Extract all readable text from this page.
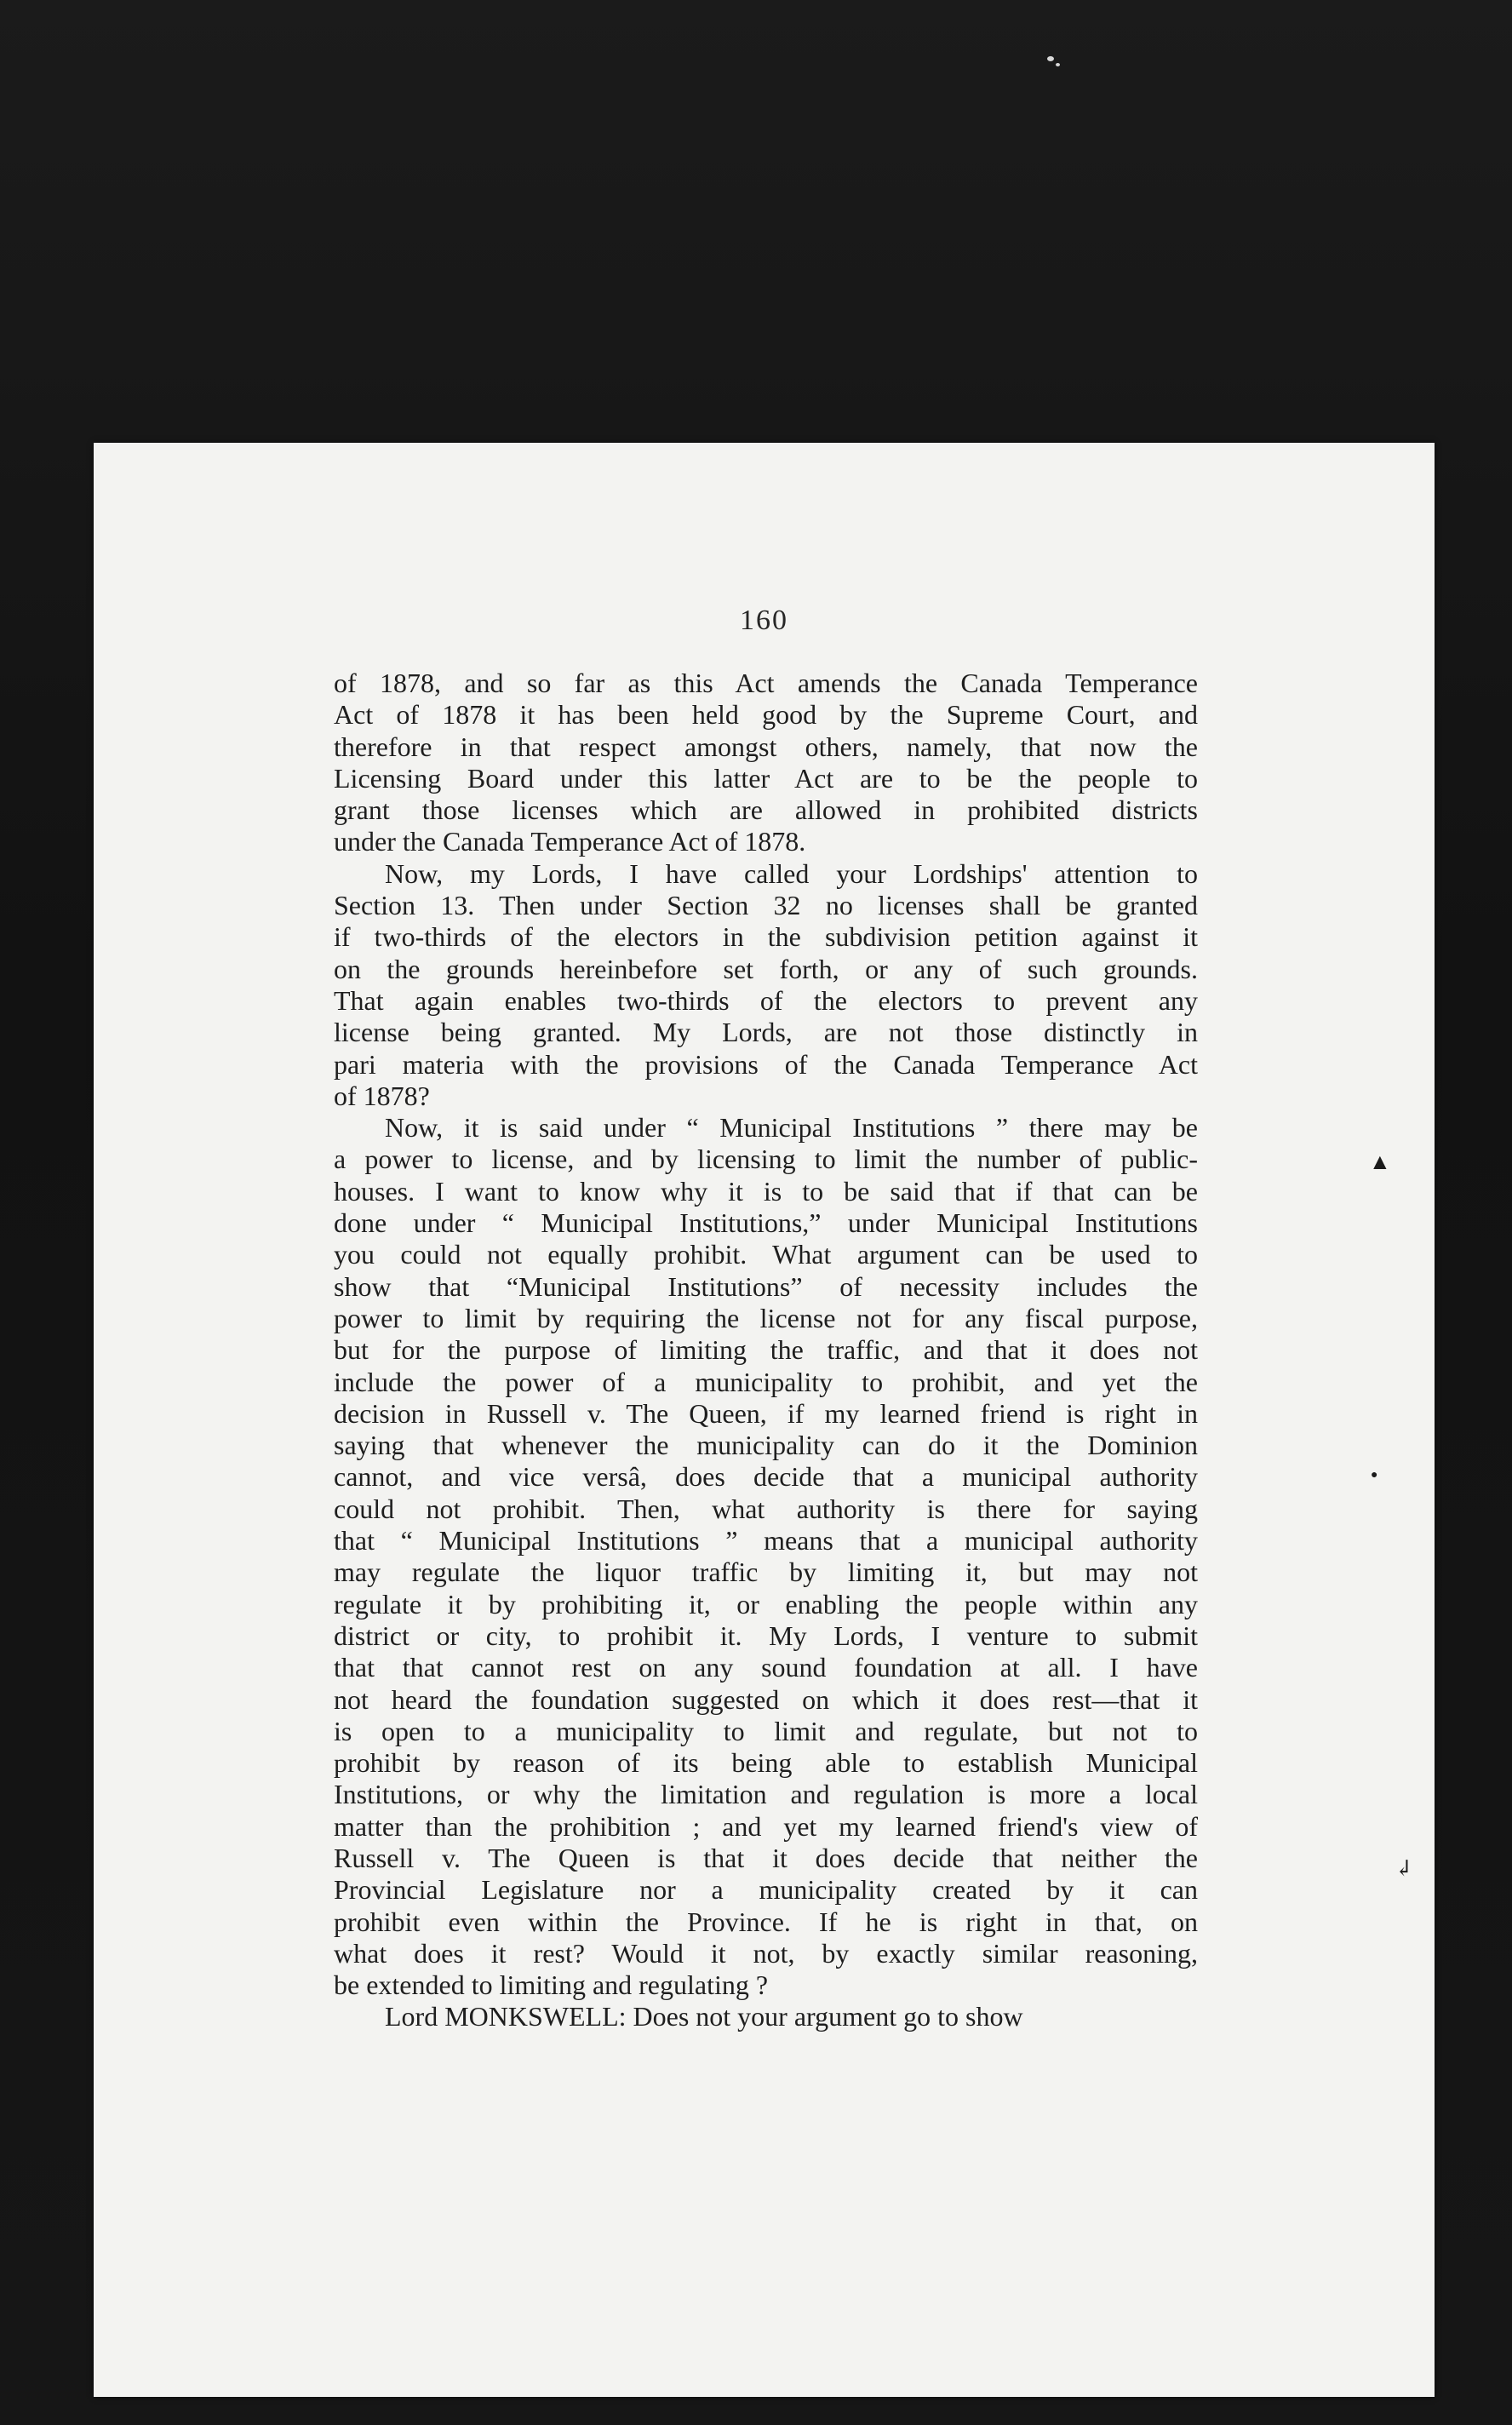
160
of 1878, and so far as this Act amends the Canada Temperance
Act of 1878 it has been held good by the Supreme Court, and
therefore in that respect amongst others, namely, that now the
Licensing Board under this latter Act are to be the people to
grant those licenses which are allowed in prohibited districts
under the Canada Temperance Act of 1878.
Now, my Lords, I have called your Lordships' attention to
Section 13. Then under Section 32 no licenses shall be granted
if two-thirds of the electors in the subdivision petition against it
on the grounds hereinbefore set forth, or any of such grounds.
That again enables two-thirds of the electors to prevent any
license being granted. My Lords, are not those distinctly in
pari materia with the provisions of the Canada Temperance Act
of 1878?
Now, it is said under “ Municipal Institutions ” there may be
a power to license, and by licensing to limit the number of public-
houses. I want to know why it is to be said that if that can be
done under “ Municipal Institutions,” under Municipal Institutions
you could not equally prohibit. What argument can be used to
show that “Municipal Institutions” of necessity includes the
power to limit by requiring the license not for any fiscal purpose,
but for the purpose of limiting the traffic, and that it does not
include the power of a municipality to prohibit, and yet the
decision in Russell v. The Queen, if my learned friend is right in
saying that whenever the municipality can do it the Dominion
cannot, and vice versâ, does decide that a municipal authority
could not prohibit. Then, what authority is there for saying
that “ Municipal Institutions ” means that a municipal authority
may regulate the liquor traffic by limiting it, but may not
regulate it by prohibiting it, or enabling the people within any
district or city, to prohibit it. My Lords, I venture to submit
that that cannot rest on any sound foundation at all. I have
not heard the foundation suggested on which it does rest—that it
is open to a municipality to limit and regulate, but not to
prohibit by reason of its being able to establish Municipal
Institutions, or why the limitation and regulation is more a local
matter than the prohibition ; and yet my learned friend's view of
Russell v. The Queen is that it does decide that neither the
Provincial Legislature nor a municipality created by it can
prohibit even within the Province. If he is right in that, on
what does it rest? Would it not, by exactly similar reasoning,
be extended to limiting and regulating ?
Lord MONKSWELL: Does not your argument go to show
▲
●
↲
